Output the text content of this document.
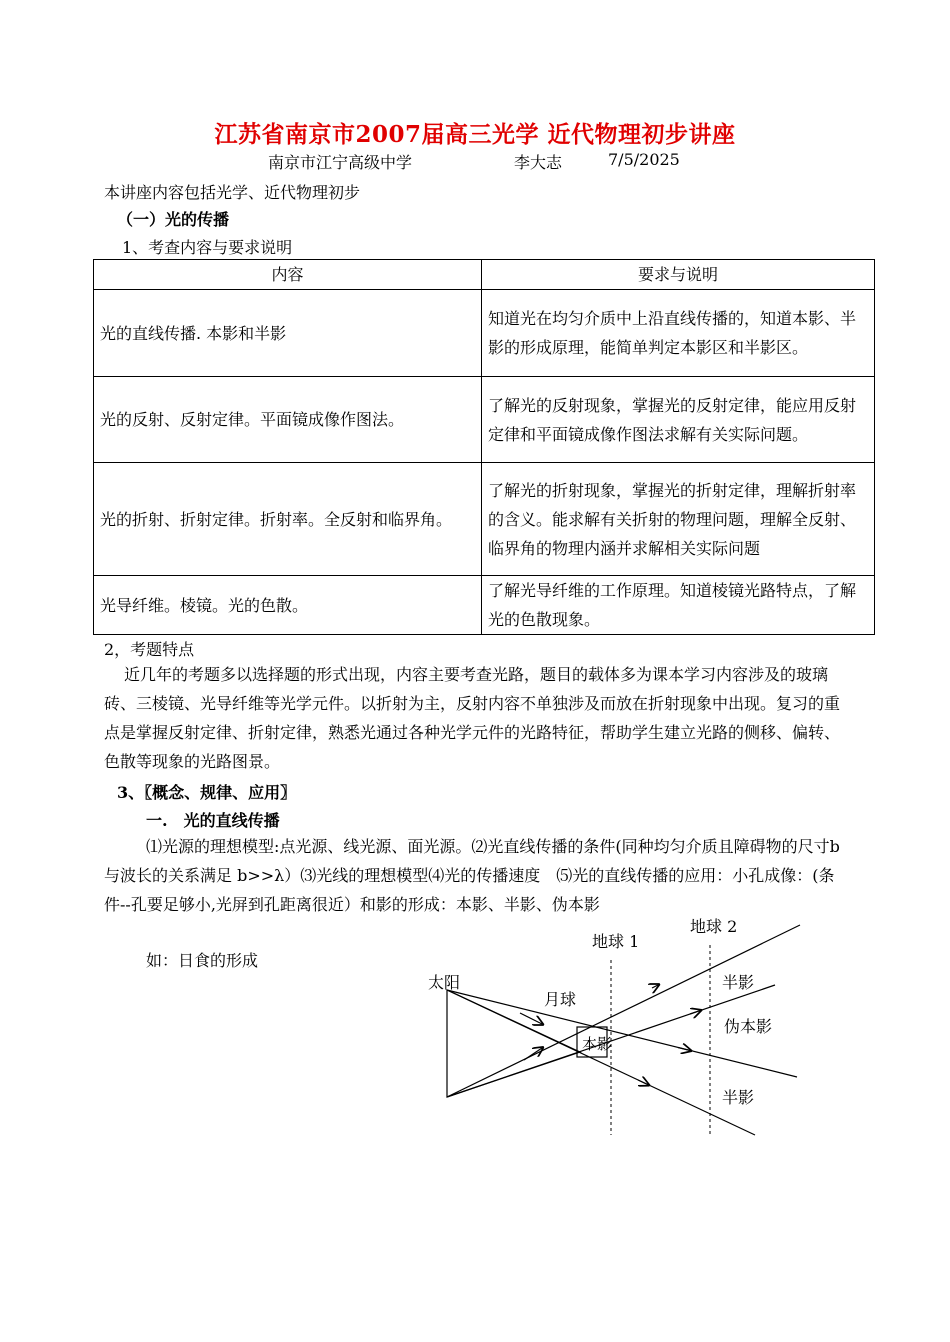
江苏省南京市2007届高三光学 近代物理初步讲座
南京市江宁高级中学	李大志	7/5/2025
本讲座内容包括光学、近代物理初步
（一）光的传播
1、考查内容与要求说明
内容	要求与说明
光的直线传播. 本影和半影	知道光在均匀介质中上沿直线传播的，知道本影、半影的形成原理，能简单判定本影区和半影区。
光的反射、反射定律。平面镜成像作图法。	了解光的反射现象，掌握光的反射定律，能应用反射定律和平面镜成像作图法求解有关实际问题。
光的折射、折射定律。折射率。全反射和临界角。	了解光的折射现象，掌握光的折射定律，理解折射率的含义。能求解有关折射的物理问题，理解全反射、临界角的物理内涵并求解相关实际问题
光导纤维。棱镜。光的色散。	了解光导纤维的工作原理。知道棱镜光路特点，了解光的色散现象。
2，考题特点
近几年的考题多以选择题的形式出现，内容主要考查光路，题目的载体多为课本学习内容涉及的玻璃砖、三棱镜、光导纤维等光学元件。以折射为主，反射内容不单独涉及而放在折射现象中出现。复习的重点是掌握反射定律、折射定律，熟悉光通过各种光学元件的光路特征，帮助学生建立光路的侧移、偏转、色散等现象的光路图景。
3、〖概念、规律、应用〗
一.　光的直线传播
⑴光源的理想模型:点光源、线光源、面光源。⑵光直线传播的条件(同种均匀介质且障碍物的尺寸b与波长的关系满足 b>>λ）⑶光线的理想模型⑷光的传播速度　⑸光的直线传播的应用：小孔成像：(条件--孔要足够小,光屏到孔距离很近）和影的形成：本影、半影、伪本影
如：日食的形成
地球 1
地球 2
太阳
月球
本影
半影
伪本影
半影
